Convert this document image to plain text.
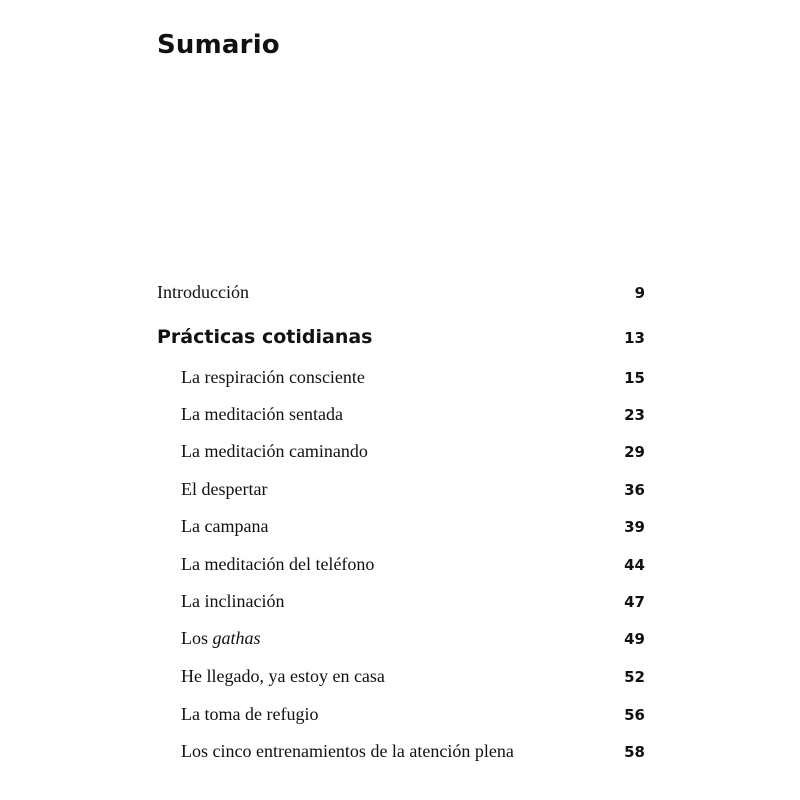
Sumario
Introducción	9
Prácticas cotidianas	13
La respiración consciente	15
La meditación sentada	23
La meditación caminando	29
El despertar	36
La campana	39
La meditación del teléfono	44
La inclinación	47
Los gathas	49
He llegado, ya estoy en casa	52
La toma de refugio	56
Los cinco entrenamientos de la atención plena	58
